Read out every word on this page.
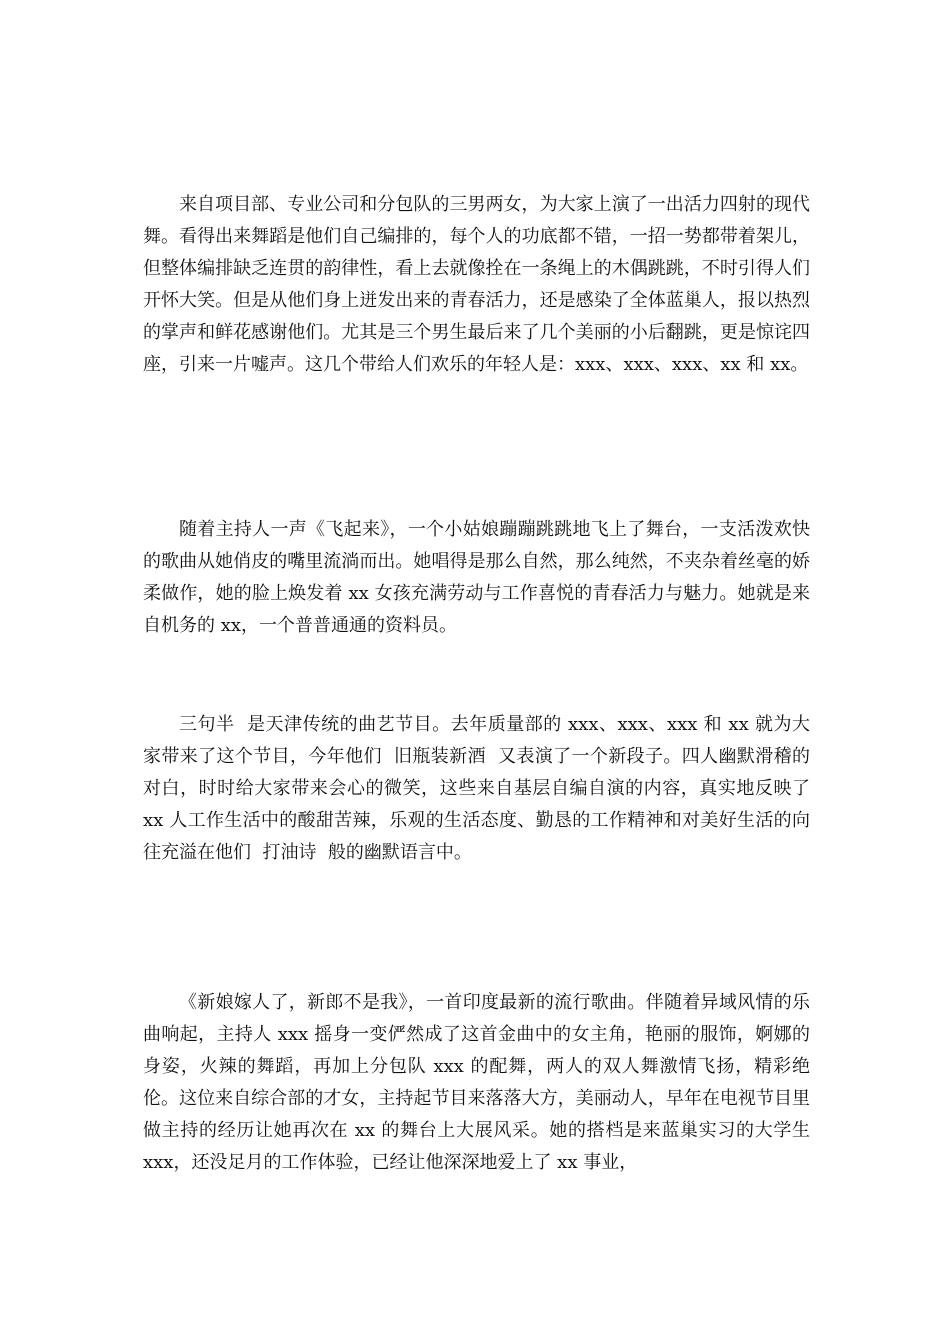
来自项目部、专业公司和分包队的三男两女，为大家上演了一出活力四射的现代舞。看得出来舞蹈是他们自己编排的，每个人的功底都不错，一招一势都带着架儿，但整体编排缺乏连贯的韵律性，看上去就像拴在一条绳上的木偶跳跳，不时引得人们开怀大笑。但是从他们身上迸发出来的青春活力，还是感染了全体蓝巢人，报以热烈的掌声和鲜花感谢他们。尤其是三个男生最后来了几个美丽的小后翻跳，更是惊诧四座，引来一片嘘声。这几个带给人们欢乐的年轻人是：xxx、xxx、xxx、xx 和 xx。

随着主持人一声《飞起来》，一个小姑娘蹦蹦跳跳地飞上了舞台，一支活泼欢快的歌曲从她俏皮的嘴里流淌而出。她唱得是那么自然，那么纯然，不夹杂着丝毫的娇柔做作，她的脸上焕发着 xx 女孩充满劳动与工作喜悦的青春活力与魅力。她就是来自机务的 xx，一个普普通通的资料员。

三句半  是天津传统的曲艺节目。去年质量部的 xxx、xxx、xxx 和 xx 就为大家带来了这个节目，今年他们  旧瓶装新酒  又表演了一个新段子。四人幽默滑稽的对白，时时给大家带来会心的微笑，这些来自基层自编自演的内容，真实地反映了 xx 人工作生活中的酸甜苦辣，乐观的生活态度、勤恳的工作精神和对美好生活的向往充溢在他们  打油诗  般的幽默语言中。

《新娘嫁人了，新郎不是我》，一首印度最新的流行歌曲。伴随着异域风情的乐曲响起，主持人 xxx 摇身一变俨然成了这首金曲中的女主角，艳丽的服饰，婀娜的身姿，火辣的舞蹈，再加上分包队 xxx 的配舞，两人的双人舞激情飞扬，精彩绝伦。这位来自综合部的才女，主持起节目来落落大方，美丽动人，早年在电视节目里做主持的经历让她再次在 xx 的舞台上大展风采。她的搭档是来蓝巢实习的大学生 xxx，还没足月的工作体验，已经让他深深地爱上了 xx 事业，
